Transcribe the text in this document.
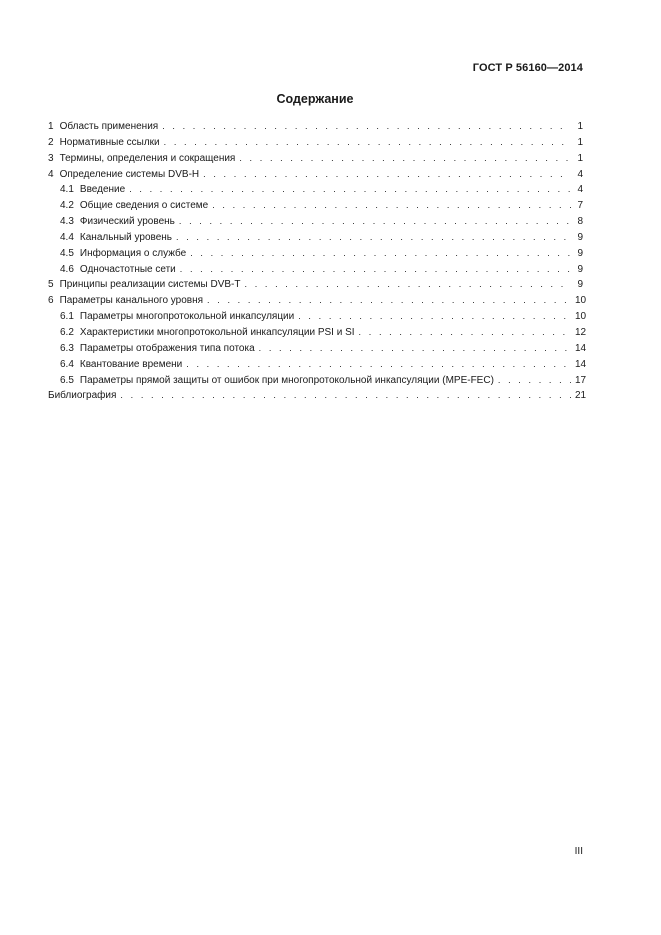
ГОСТ Р 56160—2014
Содержание
1 Область применения . . .	1
2 Нормативные ссылки . . .	1
3 Термины, определения и сокращения . . .	1
4 Определение системы DVB-H . . .	4
4.1 Введение . . .	4
4.2 Общие сведения о системе . . .	7
4.3 Физический уровень . . .	8
4.4 Канальный уровень . . .	9
4.5 Информация о службе . . .	9
4.6 Одночастотные сети . . .	9
5 Принципы реализации системы DVB-T . . .	9
6 Параметры канального уровня . . .	10
6.1 Параметры многопротокольной инкапсуляции . . .	10
6.2 Характеристики многопротокольной инкапсуляции PSI и SI . . .	12
6.3 Параметры отображения типа потока . . .	14
6.4 Квантование времени . . .	14
6.5 Параметры прямой защиты от ошибок при многопротокольной инкапсуляции (MPE-FEC) . . .	17
Библиография . . .	21
III
